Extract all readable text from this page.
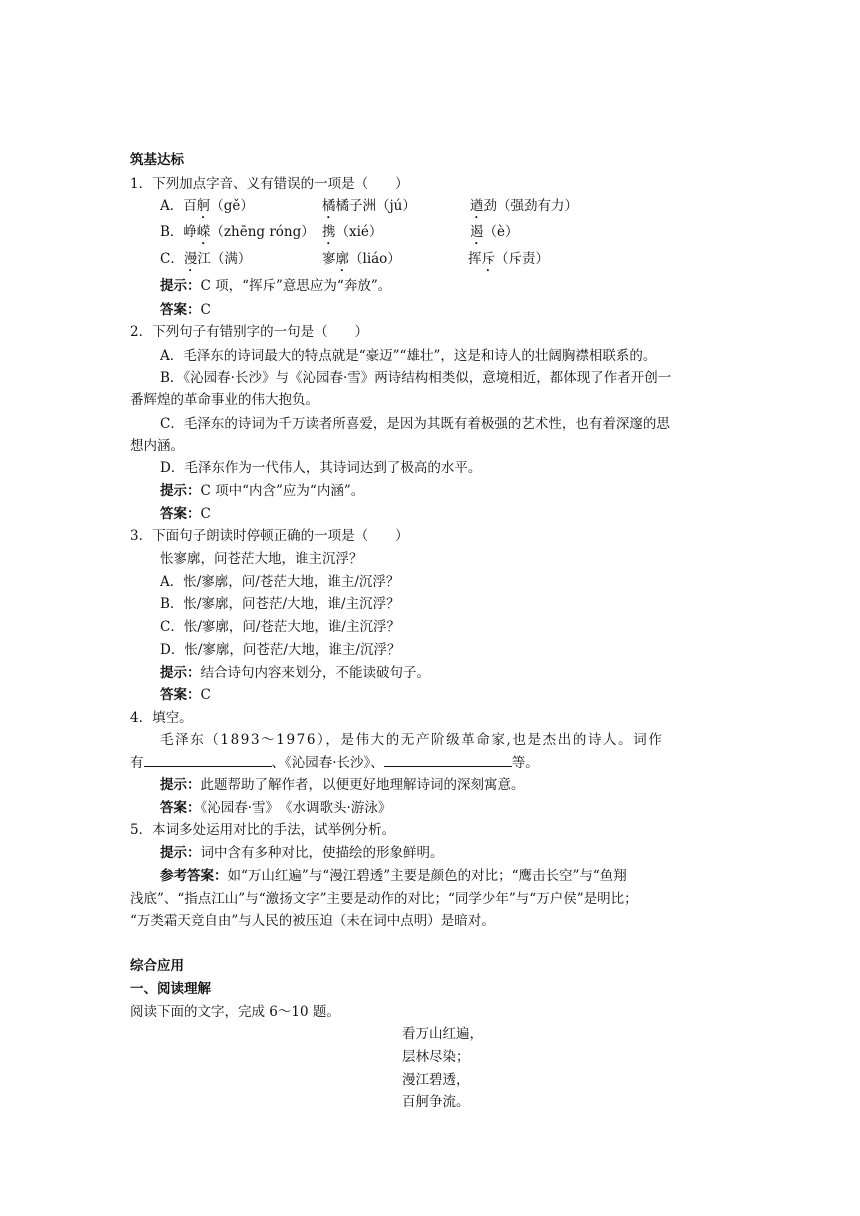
筑基达标
1．下列加点字音、义有错误的一项是（　　）
A．百舸（gě）	橘橘子洲（jú）	遒劲（强劲有力）
B．峥嵘（zhēng róng） 携（xié）	遏（è）
C．漫江（满）	寥廓（liáo）	挥斥（斥责）
提示：C 项，“挥斥”意思应为“奔放”。
答案：C
2．下列句子有错别字的一句是（　　）
A．毛泽东的诗词最大的特点就是“豪迈”“雄壮”，这是和诗人的壮阔胸襟相联系的。
B．《沁园春·长沙》与《沁园春·雪》两诗结构相类似，意境相近，都体现了作者开创一
番辉煌的革命事业的伟大抱负。
C．毛泽东的诗词为千万读者所喜爱，是因为其既有着极强的艺术性，也有着深邃的思
想内涵。
D．毛泽东作为一代伟人，其诗词达到了极高的水平。
提示：C 项中“内含”应为“内涵”。
答案：C
3．下面句子朗读时停顿正确的一项是（　　）
怅寥廓，问苍茫大地，谁主沉浮？
A．怅/寥廓，问/苍茫大地，谁主/沉浮？
B．怅/寥廓，问苍茫/大地，谁/主沉浮？
C．怅/寥廓，问/苍茫大地，谁/主沉浮？
D．怅/寥廓，问苍茫/大地，谁主/沉浮？
提示：结合诗句内容来划分，不能读破句子。
答案：C
4．填空。
毛泽东（1893～1976），是伟大的无产阶级革命家,也是杰出的诗人。词作
有	、《沁园春·长沙》、	等。
提示：此题帮助了解作者，以便更好地理解诗词的深刻寓意。
答案：《沁园春·雪》　《水调歌头·游泳》
5．本词多处运用对比的手法，试举例分析。
提示：词中含有多种对比，使描绘的形象鲜明。
参考答案：如“万山红遍”与“漫江碧透”主要是颜色的对比；“鹰击长空”与“鱼翔
浅底”、“指点江山”与“激扬文字”主要是动作的对比；“同学少年”与“万户侯”是明比；
“万类霜天竞自由”与人民的被压迫（未在词中点明）是暗对。
综合应用
一、阅读理解
阅读下面的文字，完成 6～10 题。
看万山红遍，
层林尽染；
漫江碧透，
百舸争流。
